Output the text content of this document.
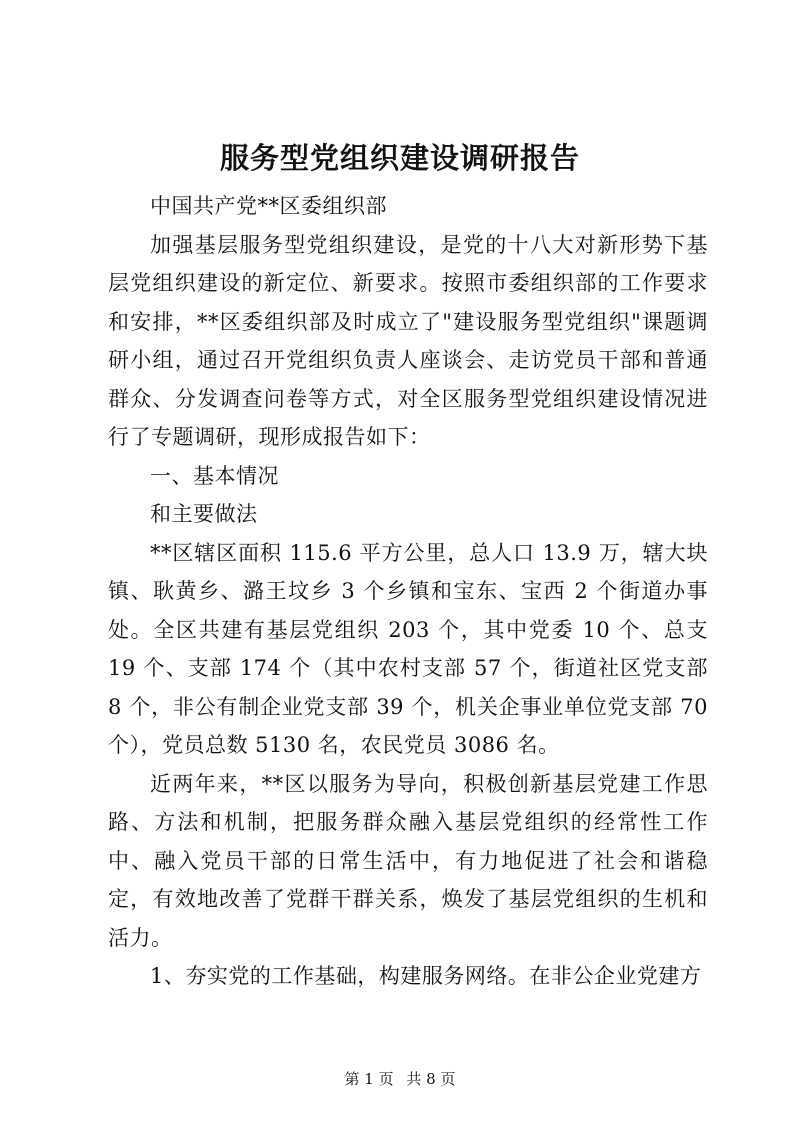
服务型党组织建设调研报告

中国共产党**区委组织部

加强基层服务型党组织建设，是党的十八大对新形势下基层党组织建设的新定位、新要求。按照市委组织部的工作要求和安排，**区委组织部及时成立了"建设服务型党组织"课题调研小组，通过召开党组织负责人座谈会、走访党员干部和普通群众、分发调查问卷等方式，对全区服务型党组织建设情况进行了专题调研，现形成报告如下：

一、基本情况

和主要做法

**区辖区面积 115.6 平方公里，总人口 13.9 万，辖大块镇、耿黄乡、潞王坟乡 3 个乡镇和宝东、宝西 2 个街道办事处。全区共建有基层党组织 203 个，其中党委 10 个、总支 19 个、支部 174 个（其中农村支部 57 个，街道社区党支部 8 个，非公有制企业党支部 39 个，机关企事业单位党支部 70 个），党员总数 5130 名，农民党员 3086 名。

近两年来，**区以服务为导向，积极创新基层党建工作思路、方法和机制，把服务群众融入基层党组织的经常性工作中、融入党员干部的日常生活中，有力地促进了社会和谐稳定，有效地改善了党群干群关系，焕发了基层党组织的生机和活力。

1、夯实党的工作基础，构建服务网络。在非公企业党建方

第 1 页 共 8 页
